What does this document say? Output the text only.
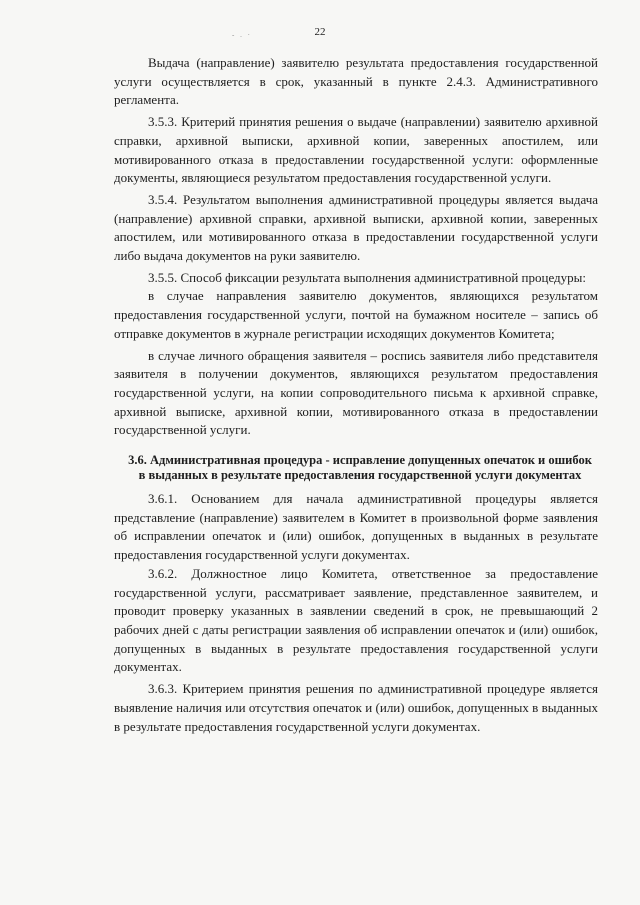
22
- . ·

Выдача (направление) заявителю результата предоставления государственной услуги осуществляется в срок, указанный в пункте 2.4.3. Административного регламента.

3.5.3. Критерий принятия решения о выдаче (направлении) заявителю архивной справки, архивной выписки, архивной копии, заверенных апостилем, или мотивированного отказа в предоставлении государственной услуги: оформленные документы, являющиеся результатом предоставления государственной услуги.

3.5.4. Результатом выполнения административной процедуры является выдача (направление) архивной справки, архивной выписки, архивной копии, заверенных апостилем, или мотивированного отказа в предоставлении государственной услуги либо выдача документов на руки заявителю.

3.5.5. Способ фиксации результата выполнения административной процедуры:

в случае направления заявителю документов, являющихся результатом предоставления государственной услуги, почтой на бумажном носителе – запись об отправке документов в журнале регистрации исходящих документов Комитета;

в случае личного обращения заявителя – роспись заявителя либо представителя заявителя в получении документов, являющихся результатом предоставления государственной услуги, на копии сопроводительного письма к архивной справке, архивной выписке, архивной копии, мотивированного отказа в предоставлении государственной услуги.

3.6. Административная процедура - исправление допущенных опечаток и ошибок в выданных в результате предоставления государственной услуги документах

3.6.1. Основанием для начала административной процедуры является представление (направление) заявителем в Комитет в произвольной форме заявления об исправлении опечаток и (или) ошибок, допущенных в выданных в результате предоставления государственной услуги документах.

3.6.2. Должностное лицо Комитета, ответственное за предоставление государственной услуги, рассматривает заявление, представленное заявителем, и проводит проверку указанных в заявлении сведений в срок, не превышающий 2 рабочих дней с даты регистрации заявления об исправлении опечаток и (или) ошибок, допущенных в выданных в результате предоставления государственной услуги документах.

3.6.3. Критерием принятия решения по административной процедуре является выявление наличия или отсутствия опечаток и (или) ошибок, допущенных в выданных в результате предоставления государственной услуги документах.
